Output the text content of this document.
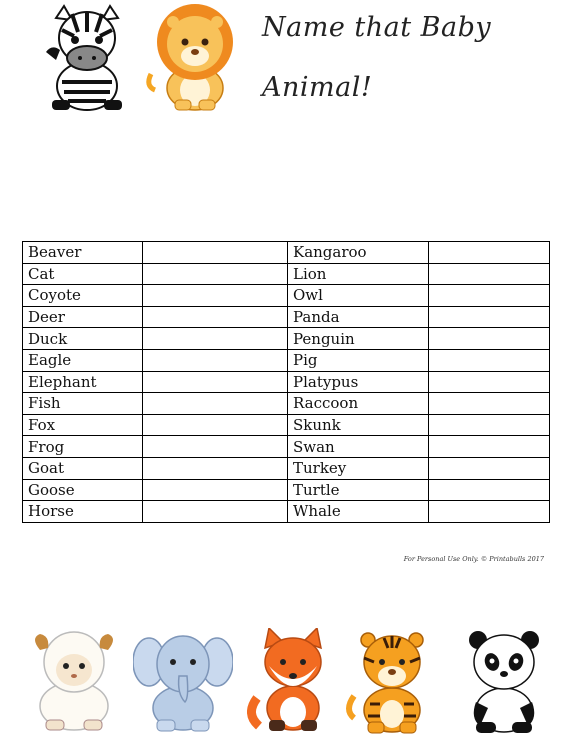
Name that Baby
Animal!
Beaver		Kangaroo	
Cat		Lion	
Coyote		Owl	
Deer		Panda	
Duck		Penguin	
Eagle		Pig	
Elephant		Platypus	
Fish		Raccoon	
Fox		Skunk	
Frog		Swan	
Goat		Turkey	
Goose		Turtle	
Horse		Whale	
For Personal Use Only. © Printabulls 2017
